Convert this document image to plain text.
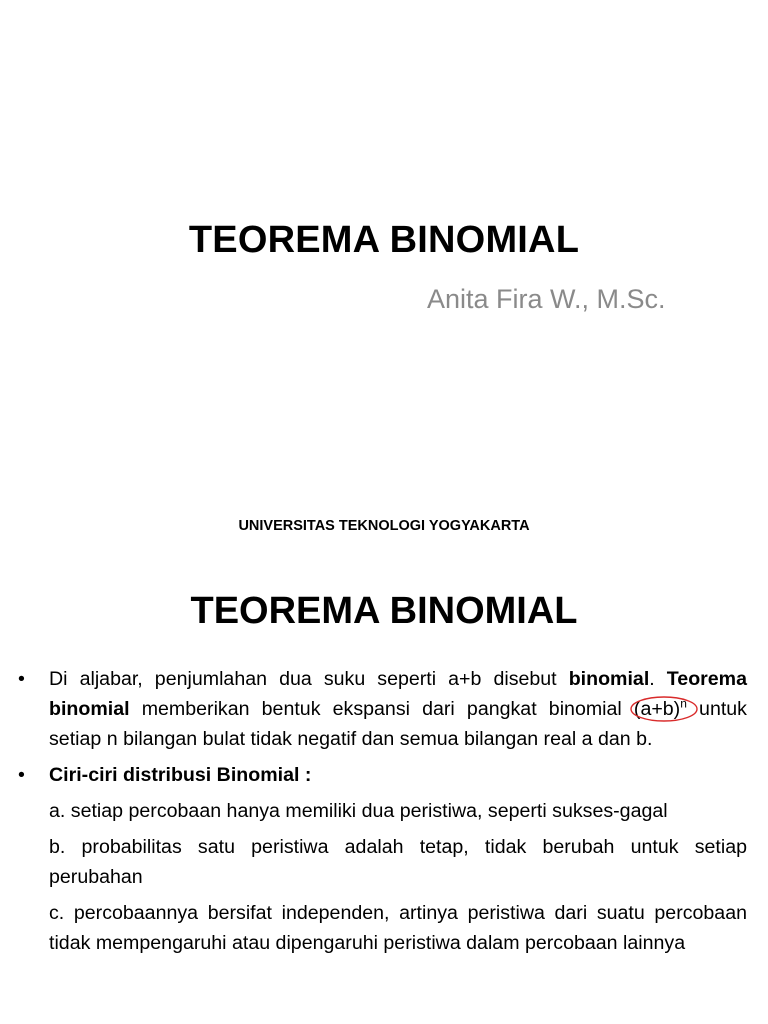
TEOREMA BINOMIAL
Anita Fira W., M.Sc.
UNIVERSITAS TEKNOLOGI YOGYAKARTA
TEOREMA BINOMIAL
• Di aljabar, penjumlahan dua suku seperti a+b disebut binomial. Teorema binomial memberikan bentuk ekspansi dari pangkat binomial $(a+b)^n$
untuk setiap n bilangan bulat tidak negatif dan semua bilangan real a dan b.
• Ciri-ciri distribusi Binomial :
a. setiap percobaan hanya memiliki dua peristiwa, seperti sukses-gagal
b. probabilitas satu peristiwa adalah tetap, tidak berubah untuk setiap perubahan
c. percobaannya bersifat independen, artinya peristiwa dari suatu percobaan tidak mempengaruhi atau dipengaruhi peristiwa dalam percobaan lainnya
